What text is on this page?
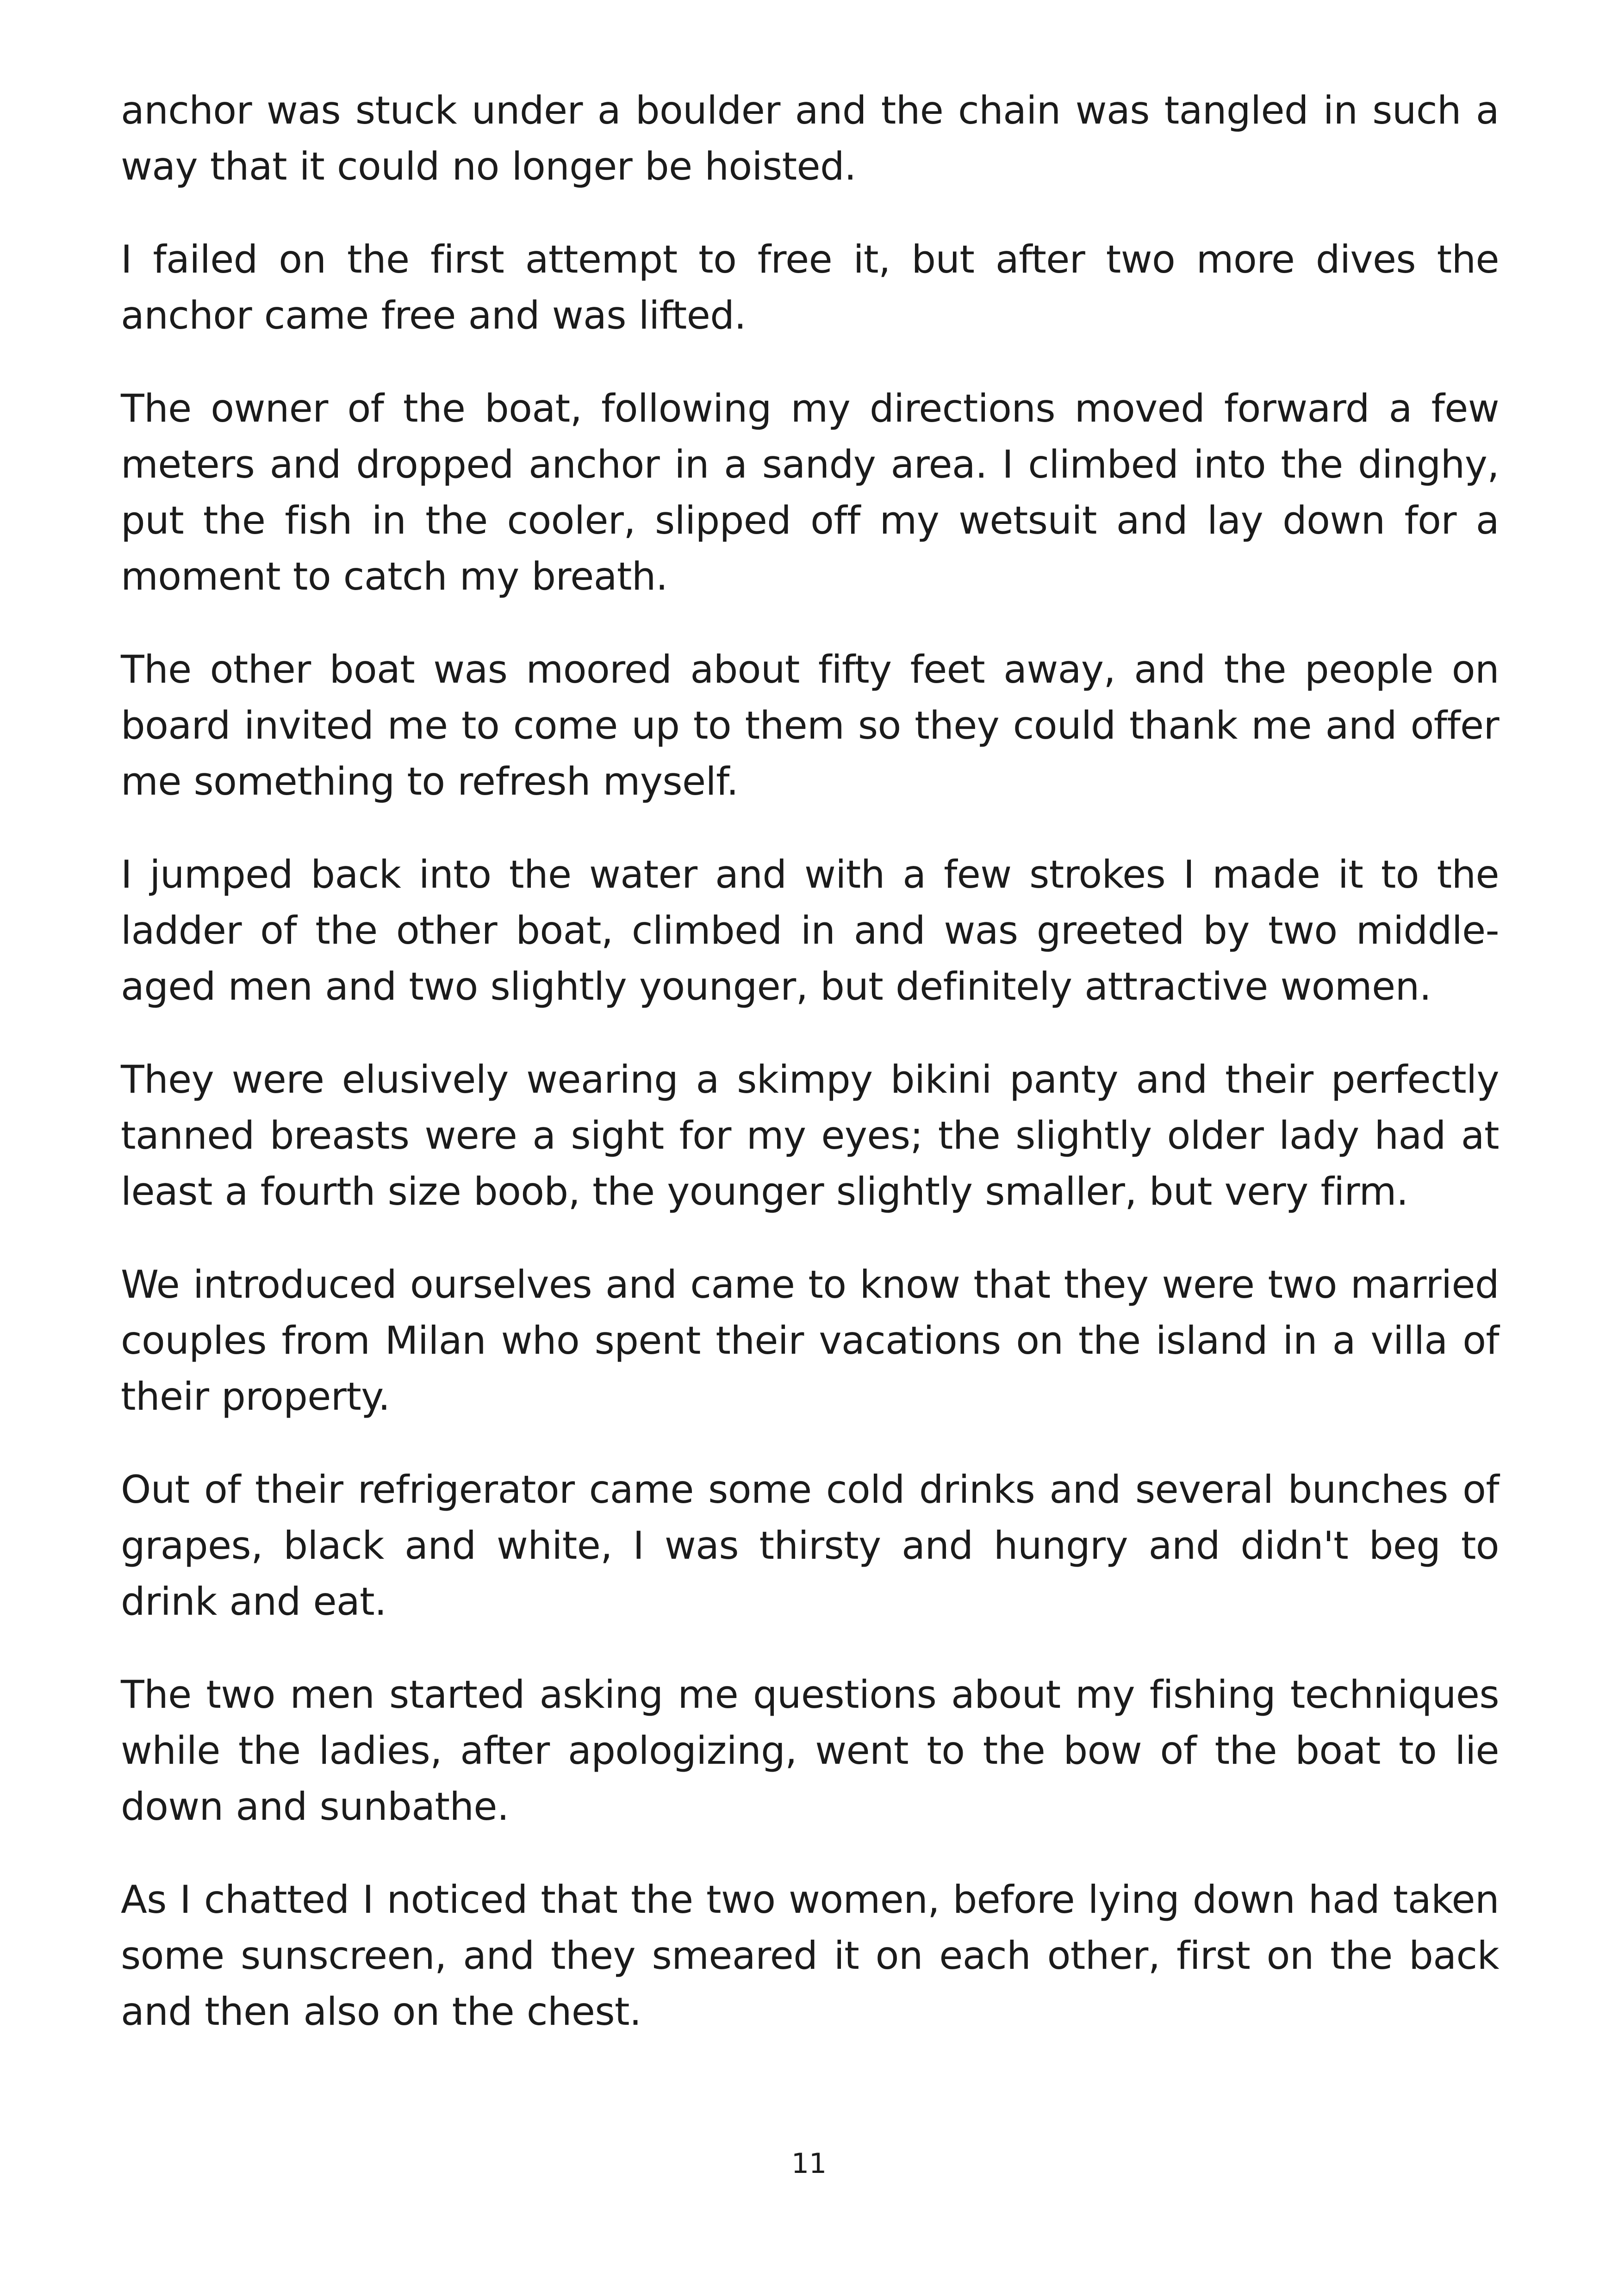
anchor was stuck under a boulder and the chain was tangled in such a way that it could no longer be hoisted.

I failed on the first attempt to free it, but after two more dives the anchor came free and was lifted.

The owner of the boat, following my directions moved forward a few meters and dropped anchor in a sandy area. I climbed into the dinghy, put the fish in the cooler, slipped off my wetsuit and lay down for a moment to catch my breath.

The other boat was moored about fifty feet away, and the people on board invited me to come up to them so they could thank me and offer me something to refresh myself.

I jumped back into the water and with a few strokes I made it to the ladder of the other boat, climbed in and was greeted by two middle-aged men and two slightly younger, but definitely attractive women.

They were elusively wearing a skimpy bikini panty and their perfectly tanned breasts were a sight for my eyes; the slightly older lady had at least a fourth size boob, the younger slightly smaller, but very firm.

We introduced ourselves and came to know that they were two married couples from Milan who spent their vacations on the island in a villa of their property.

Out of their refrigerator came some cold drinks and several bunches of grapes, black and white, I was thirsty and hungry and didn't beg to drink and eat.

The two men started asking me questions about my fishing techniques while the ladies, after apologizing, went to the bow of the boat to lie down and sunbathe.

As I chatted I noticed that the two women, before lying down had taken some sunscreen, and they smeared it on each other, first on the back and then also on the chest.

11
